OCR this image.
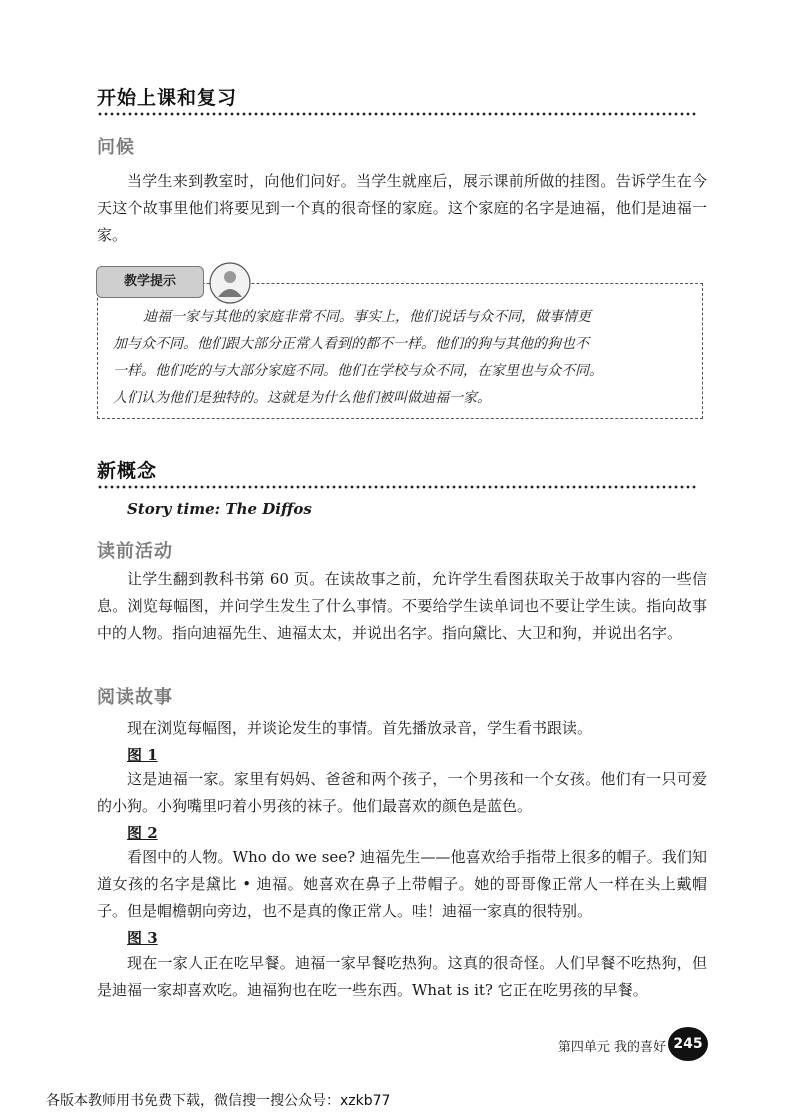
开始上课和复习
问候
当学生来到教室时，向他们问好。当学生就座后，展示课前所做的挂图。告诉学生在今天这个故事里他们将要见到一个真的很奇怪的家庭。这个家庭的名字是迪福，他们是迪福一家。
教学提示

迪福一家与其他的家庭非常不同。事实上，他们说话与众不同，做事情更

加与众不同。他们跟大部分正常人看到的都不一样。他们的狗与其他的狗也不

一样。他们吃的与大部分家庭不同。他们在学校与众不同，在家里也与众不同。

人们认为他们是独特的。这就是为什么他们被叫做迪福一家。

新概念
Story time: The Diffos
读前活动
让学生翻到教科书第 60 页。在读故事之前，允许学生看图获取关于故事内容的一些信息。浏览每幅图，并问学生发生了什么事情。不要给学生读单词也不要让学生读。指向故事中的人物。指向迪福先生、迪福太太，并说出名字。指向黛比、大卫和狗，并说出名字。
阅读故事
现在浏览每幅图，并谈论发生的事情。首先播放录音，学生看书跟读。
图 1
这是迪福一家。家里有妈妈、爸爸和两个孩子，一个男孩和一个女孩。他们有一只可爱的小狗。小狗嘴里叼着小男孩的袜子。他们最喜欢的颜色是蓝色。
图 2
看图中的人物。Who do we see? 迪福先生——他喜欢给手指带上很多的帽子。我们知道女孩的名字是黛比 • 迪福。她喜欢在鼻子上带帽子。她的哥哥像正常人一样在头上戴帽子。但是帽檐朝向旁边，也不是真的像正常人。哇！迪福一家真的很特别。
图 3
现在一家人正在吃早餐。迪福一家早餐吃热狗。这真的很奇怪。人们早餐不吃热狗，但是迪福一家却喜欢吃。迪福狗也在吃一些东西。What is it? 它正在吃男孩的早餐。
第四单元 我的喜好 245
各版本教师用书免费下载，微信搜一搜公众号：xzkb77
